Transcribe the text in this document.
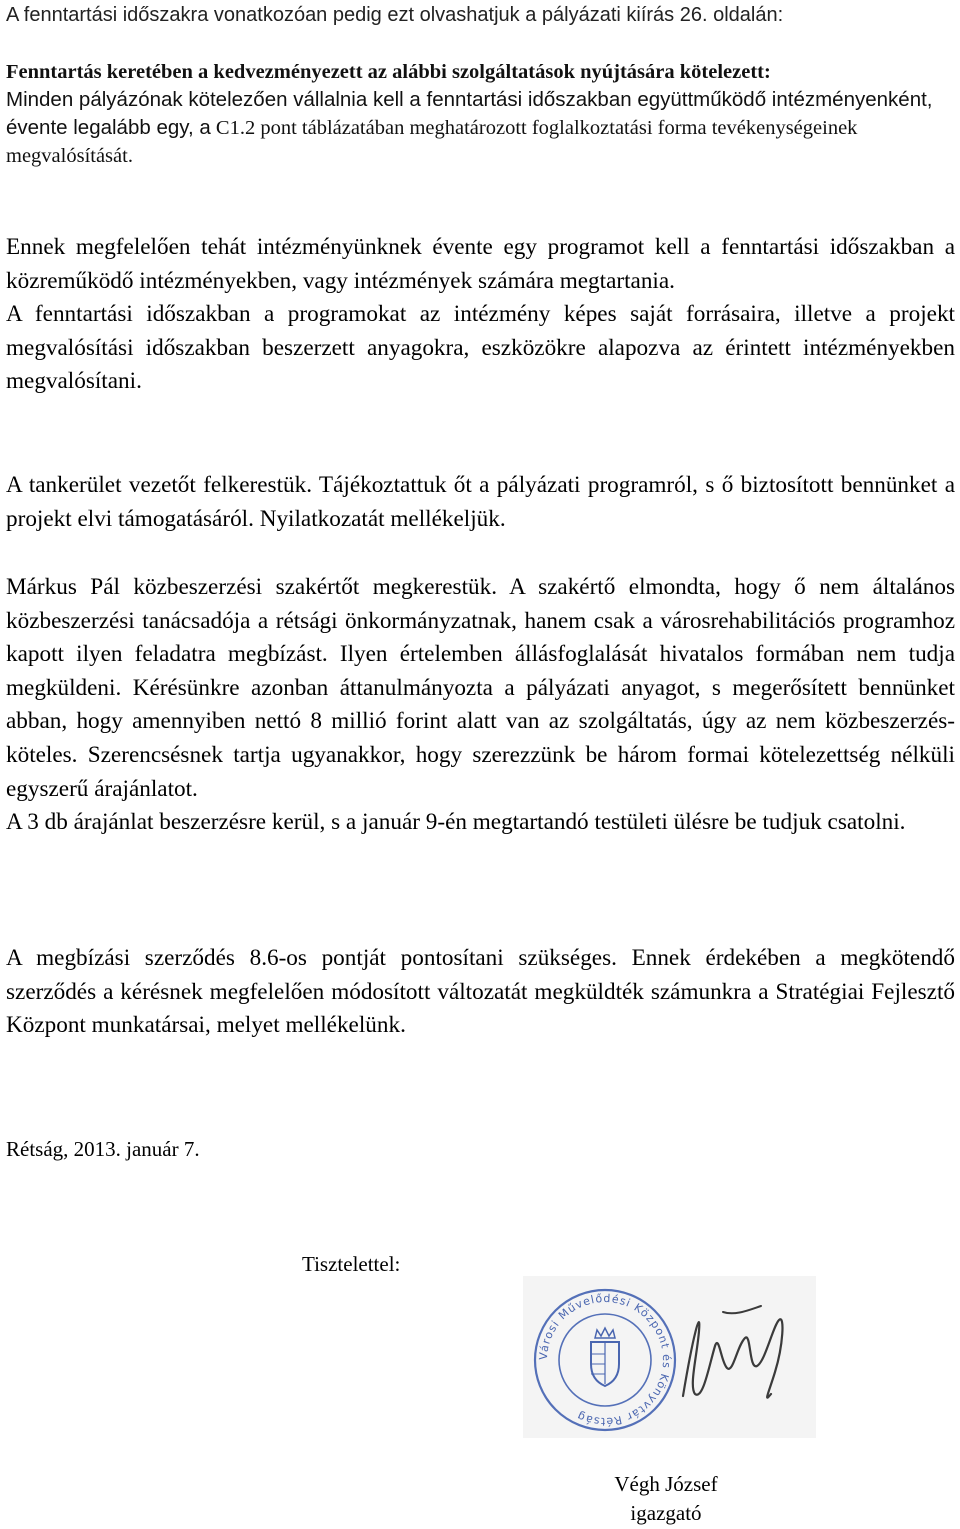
A fenntartási időszakra vonatkozóan pedig ezt olvashatjuk a pályázati kiírás 26. oldalán:
Fenntartás keretében a kedvezményezett az alábbi szolgáltatások nyújtására kötelezett:
Minden pályázónak kötelezően vállalnia kell a fenntartási időszakban együttműködő intézményenként, évente legalább egy, a C1.2 pont táblázatában meghatározott foglalkoztatási forma tevékenységeinek megvalósítását.

Ennek megfelelően tehát intézményünknek évente egy programot kell a fenntartási időszakban a közreműködő intézményekben, vagy intézmények számára megtartania.

A fenntartási időszakban a programokat az intézmény képes saját forrásaira, illetve a projekt megvalósítási időszakban beszerzett anyagokra, eszközökre alapozva az érintett intézményekben megvalósítani.

A tankerület vezetőt felkerestük. Tájékoztattuk őt a pályázati programról, s ő biztosított bennünket a projekt elvi támogatásáról. Nyilatkozatát mellékeljük.

Márkus Pál közbeszerzési szakértőt megkerestük. A szakértő elmondta, hogy ő nem általános közbeszerzési tanácsadója a rétsági önkormányzatnak, hanem csak a városrehabilitációs programhoz kapott ilyen feladatra megbízást. Ilyen értelemben állásfoglalását hivatalos formában nem tudja megküldeni. Kérésünkre azonban áttanulmányozta a pályázati anyagot, s megerősített bennünket abban, hogy amennyiben nettó 8 millió forint alatt van az szolgáltatás, úgy az nem közbeszerzés-köteles. Szerencsésnek tartja ugyanakkor, hogy szerezzünk be három formai kötelezettség nélküli egyszerű árajánlatot.

A 3 db árajánlat beszerzésre kerül, s a január 9-én megtartandó testületi ülésre be tudjuk csatolni.

A megbízási szerződés 8.6-os pontját pontosítani szükséges. Ennek érdekében a megkötendő szerződés a kérésnek megfelelően módosított változatát megküldték számunkra a Stratégiai Fejlesztő Központ munkatársai, melyet mellékelünk.

Rétság, 2013. január 7.
Tisztelettel:
Városi Művelődési Központ és Könyvtár Rétság
Végh József
igazgató
